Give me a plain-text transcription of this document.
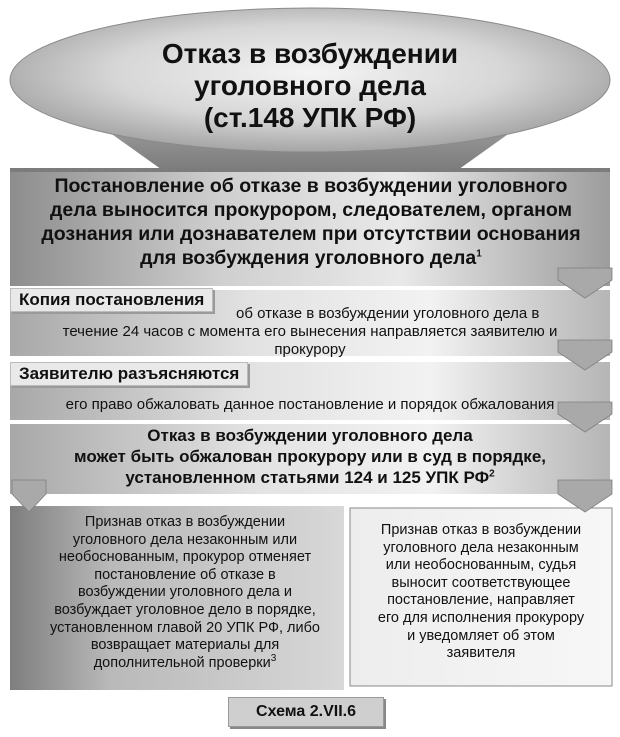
Отказ в возбуждении
уголовного дела
(ст.148 УПК РФ)
Постановление об отказе в возбуждении уголовного
дела выносится прокурором, следователем, органом
дознания или дознавателем при отсутствии основания
для возбуждения уголовного дела$^1$
Копия постановления
об отказе в возбуждении уголовного дела в
течение 24 часов с момента его вынесения направляется заявителю и
прокурору
Заявителю разъясняются
его право обжаловать данное постановление и порядок обжалования
Отказ в возбуждении уголовного дела
может быть обжалован прокурору или в суд в порядке,
установленном статьями 124 и 125 УПК $РФ^2$
Признав отказ в возбуждении
уголовного дела незаконным или
необоснованным, прокурор отменяет
постановление об отказе в
возбуждении уголовного дела и
возбуждает уголовное дело в порядке,
установленном главой 20 УПК РФ, либо
возвращает материалы для
дополнительной проверки$^3$
Признав отказ в возбуждении
уголовного дела незаконным
или необоснованным, судья
выносит соответствующее
постановление, направляет
его для исполнения прокурору
и уведомляет об этом
заявителя
Схема 2.VII.6
